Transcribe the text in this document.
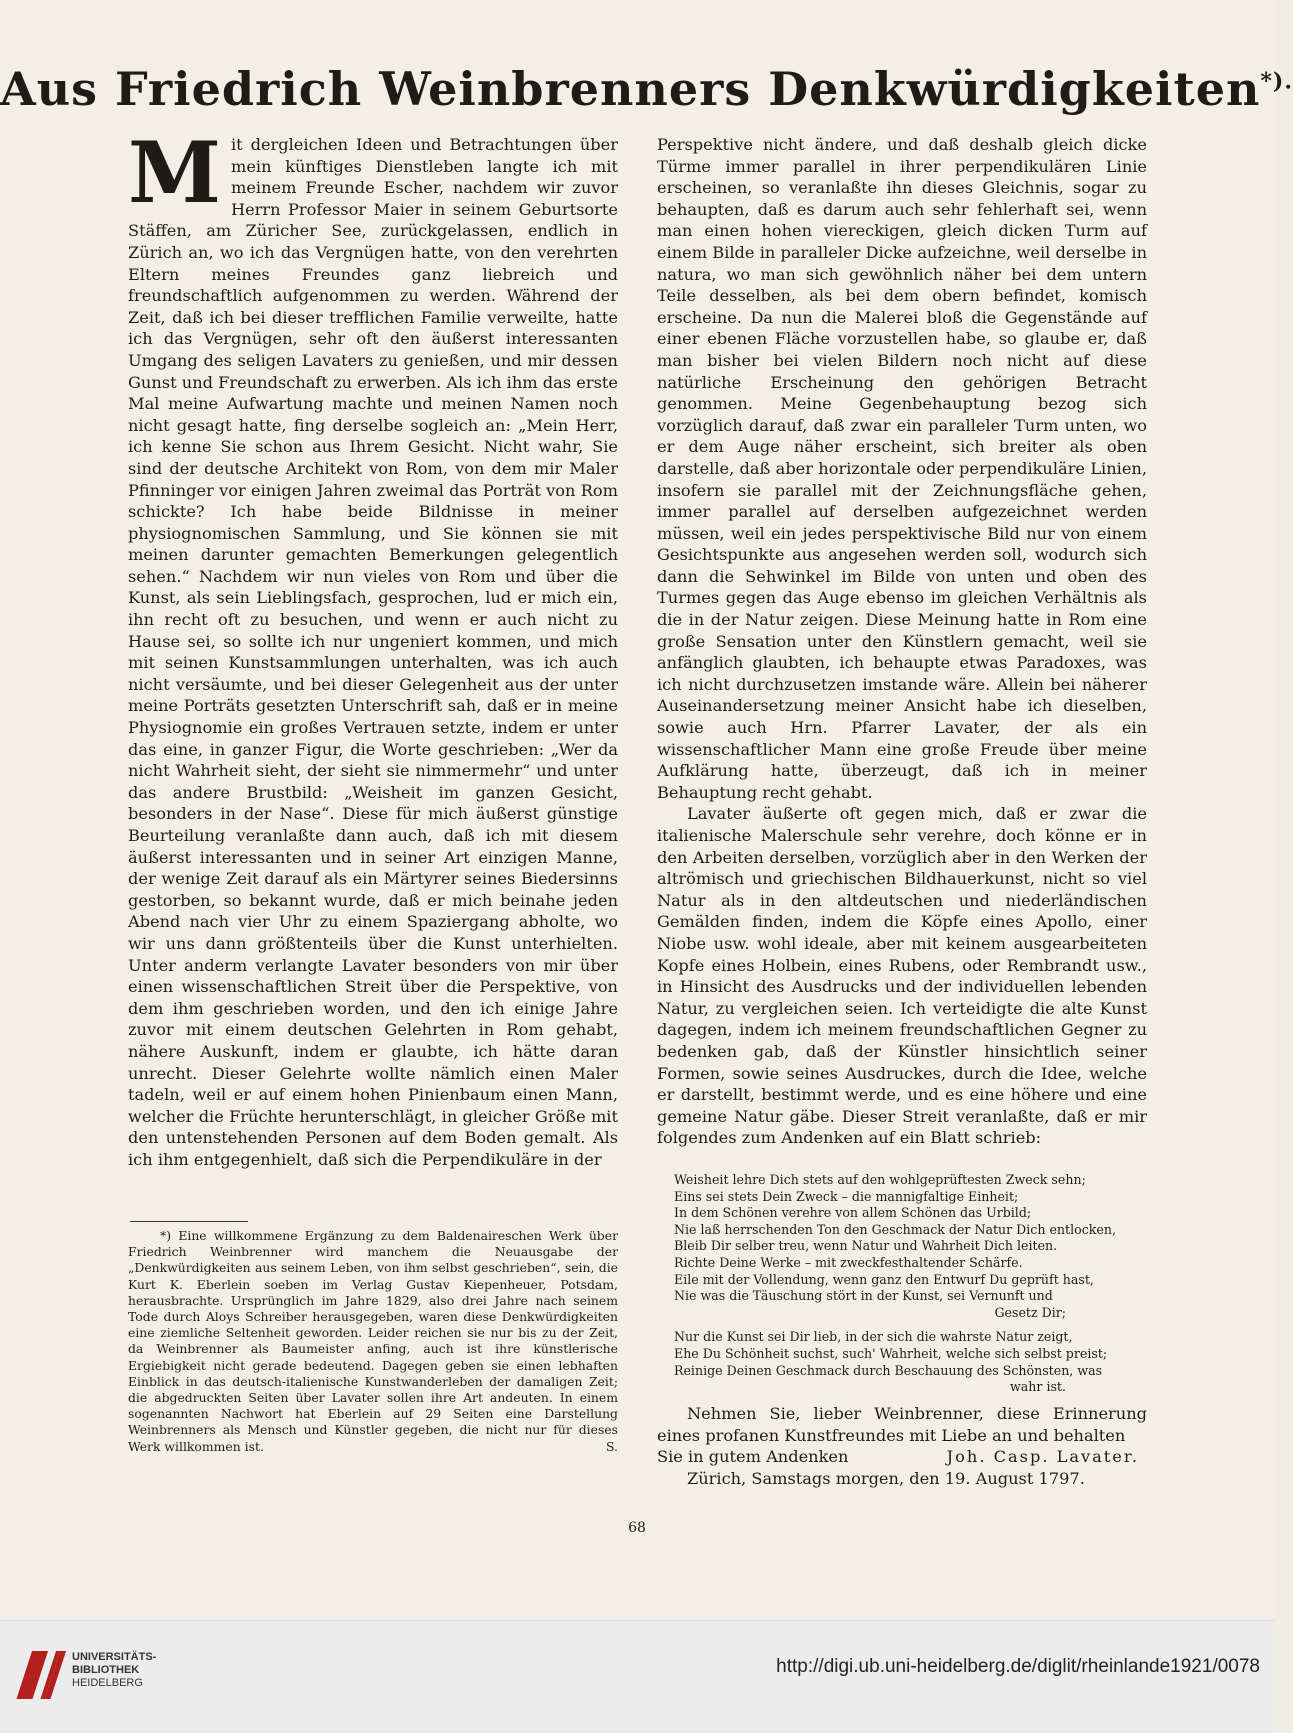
Aus Friedrich Weinbrenners Denkwürdigkeiten*).

Mit dergleichen Ideen und Betrachtungen über mein künftiges Dienstleben langte ich mit meinem Freunde Escher, nachdem wir zuvor Herrn Professor Maier in seinem Geburtsorte Stäffen, am Züricher See, zurückgelassen, endlich in Zürich an, wo ich das Vergnügen hatte, von den verehrten Eltern meines Freundes ganz liebreich und freundschaftlich aufgenommen zu werden. Während der Zeit, daß ich bei dieser trefflichen Familie verweilte, hatte ich das Vergnügen, sehr oft den äußerst interessanten Umgang des seligen Lavaters zu genießen, und mir dessen Gunst und Freundschaft zu erwerben. Als ich ihm das erste Mal meine Aufwartung machte und meinen Namen noch nicht gesagt hatte, fing derselbe sogleich an: „Mein Herr, ich kenne Sie schon aus Ihrem Gesicht. Nicht wahr, Sie sind der deutsche Architekt von Rom, von dem mir Maler Pfinninger vor einigen Jahren zweimal das Porträt von Rom schickte? Ich habe beide Bildnisse in meiner physiognomischen Sammlung, und Sie können sie mit meinen darunter gemachten Bemerkungen gelegentlich sehen.“ Nachdem wir nun vieles von Rom und über die Kunst, als sein Lieblingsfach, gesprochen, lud er mich ein, ihn recht oft zu besuchen, und wenn er auch nicht zu Hause sei, so sollte ich nur ungeniert kommen, und mich mit seinen Kunstsammlungen unterhalten, was ich auch nicht versäumte, und bei dieser Gelegenheit aus der unter meine Porträts gesetzten Unterschrift sah, daß er in meine Physiognomie ein großes Vertrauen setzte, indem er unter das eine, in ganzer Figur, die Worte geschrieben: „Wer da nicht Wahrheit sieht, der sieht sie nimmermehr“ und unter das andere Brustbild: „Weisheit im ganzen Gesicht, besonders in der Nase“. Diese für mich äußerst günstige Beurteilung veranlaßte dann auch, daß ich mit diesem äußerst interessanten und in seiner Art einzigen Manne, der wenige Zeit darauf als ein Märtyrer seines Biedersinns gestorben, so bekannt wurde, daß er mich beinahe jeden Abend nach vier Uhr zu einem Spaziergang abholte, wo wir uns dann größtenteils über die Kunst unterhielten. Unter anderm verlangte Lavater besonders von mir über einen wissenschaftlichen Streit über die Perspektive, von dem ihm geschrieben worden, und den ich einige Jahre zuvor mit einem deutschen Gelehrten in Rom gehabt, nähere Auskunft, indem er glaubte, ich hätte daran unrecht. Dieser Gelehrte wollte nämlich einen Maler tadeln, weil er auf einem hohen Pinienbaum einen Mann, welcher die Früchte herunterschlägt, in gleicher Größe mit den untenstehenden Personen auf dem Boden gemalt. Als ich ihm entgegenhielt, daß sich die Perpendikuläre in der

*) Eine willkommene Ergänzung zu dem Baldenaireschen Werk über Friedrich Weinbrenner wird manchem die Neuausgabe der „Denkwürdigkeiten aus seinem Leben, von ihm selbst geschrieben“, sein, die Kurt K. Eberlein soeben im Verlag Gustav Kiepenheuer, Potsdam, herausbrachte. Ursprünglich im Jahre 1829, also drei Jahre nach seinem Tode durch Aloys Schreiber herausgegeben, waren diese Denkwürdigkeiten eine ziemliche Seltenheit geworden. Leider reichen sie nur bis zu der Zeit, da Weinbrenner als Baumeister anfing, auch ist ihre künstlerische Ergiebigkeit nicht gerade bedeutend. Dagegen geben sie einen lebhaften Einblick in das deutsch-italienische Kunstwanderleben der damaligen Zeit; die abgedruckten Seiten über Lavater sollen ihre Art andeuten. In einem sogenannten Nachwort hat Eberlein auf 29 Seiten eine Darstellung Weinbrenners als Mensch und Künstler gegeben, die nicht nur für dieses Werk willkommen ist.	S.

Perspektive nicht ändere, und daß deshalb gleich dicke Türme immer parallel in ihrer perpendikulären Linie erscheinen, so veranlaßte ihn dieses Gleichnis, sogar zu behaupten, daß es darum auch sehr fehlerhaft sei, wenn man einen hohen viereckigen, gleich dicken Turm auf einem Bilde in paralleler Dicke aufzeichne, weil derselbe in natura, wo man sich gewöhnlich näher bei dem untern Teile desselben, als bei dem obern befindet, komisch erscheine. Da nun die Malerei bloß die Gegenstände auf einer ebenen Fläche vorzustellen habe, so glaube er, daß man bisher bei vielen Bildern noch nicht auf diese natürliche Erscheinung den gehörigen Betracht genommen. Meine Gegenbehauptung bezog sich vorzüglich darauf, daß zwar ein paralleler Turm unten, wo er dem Auge näher erscheint, sich breiter als oben darstelle, daß aber horizontale oder perpendikuläre Linien, insofern sie parallel mit der Zeichnungsfläche gehen, immer parallel auf derselben aufgezeichnet werden müssen, weil ein jedes perspektivische Bild nur von einem Gesichtspunkte aus angesehen werden soll, wodurch sich dann die Sehwinkel im Bilde von unten und oben des Turmes gegen das Auge ebenso im gleichen Verhältnis als die in der Natur zeigen. Diese Meinung hatte in Rom eine große Sensation unter den Künstlern gemacht, weil sie anfänglich glaubten, ich behaupte etwas Paradoxes, was ich nicht durchzusetzen imstande wäre. Allein bei näherer Auseinandersetzung meiner Ansicht habe ich dieselben, sowie auch Hrn. Pfarrer Lavater, der als ein wissenschaftlicher Mann eine große Freude über meine Aufklärung hatte, überzeugt, daß ich in meiner Behauptung recht gehabt.

Lavater äußerte oft gegen mich, daß er zwar die italienische Malerschule sehr verehre, doch könne er in den Arbeiten derselben, vorzüglich aber in den Werken der altrömisch und griechischen Bildhauerkunst, nicht so viel Natur als in den altdeutschen und niederländischen Gemälden finden, indem die Köpfe eines Apollo, einer Niobe usw. wohl ideale, aber mit keinem ausgearbeiteten Kopfe eines Holbein, eines Rubens, oder Rembrandt usw., in Hinsicht des Ausdrucks und der individuellen lebenden Natur, zu vergleichen seien. Ich verteidigte die alte Kunst dagegen, indem ich meinem freundschaftlichen Gegner zu bedenken gab, daß der Künstler hinsichtlich seiner Formen, sowie seines Ausdruckes, durch die Idee, welche er darstellt, bestimmt werde, und es eine höhere und eine gemeine Natur gäbe. Dieser Streit veranlaßte, daß er mir folgendes zum Andenken auf ein Blatt schrieb:

Weisheit lehre Dich stets auf den wohlgeprüftesten Zweck sehn;
Eins sei stets Dein Zweck – die mannigfaltige Einheit;
In dem Schönen verehre von allem Schönen das Urbild;
Nie laß herrschenden Ton den Geschmack der Natur Dich entlocken,
Bleib Dir selber treu, wenn Natur und Wahrheit Dich leiten.
Richte Deine Werke – mit zweckfesthaltender Schärfe.
Eile mit der Vollendung, wenn ganz den Entwurf Du geprüft hast,
Nie was die Täuschung stört in der Kunst, sei Vernunft und
Gesetz Dir;
Nur die Kunst sei Dir lieb, in der sich die wahrste Natur zeigt,
Ehe Du Schönheit suchst, such' Wahrheit, welche sich selbst preist;
Reinige Deinen Geschmack durch Beschauung des Schönsten, was
wahr ist.

Nehmen Sie, lieber Weinbrenner, diese Erinnerung eines profanen Kunstfreundes mit Liebe an und behalten

Sie in gutem Andenken	Joh. Casp. Lavater.

Zürich, Samstags morgen, den 19. August 1797.

68
UNIVERSITÄTS-
BIBLIOTHEK
HEIDELBERG
http://digi.ub.uni-heidelberg.de/diglit/rheinlande1921/0078
